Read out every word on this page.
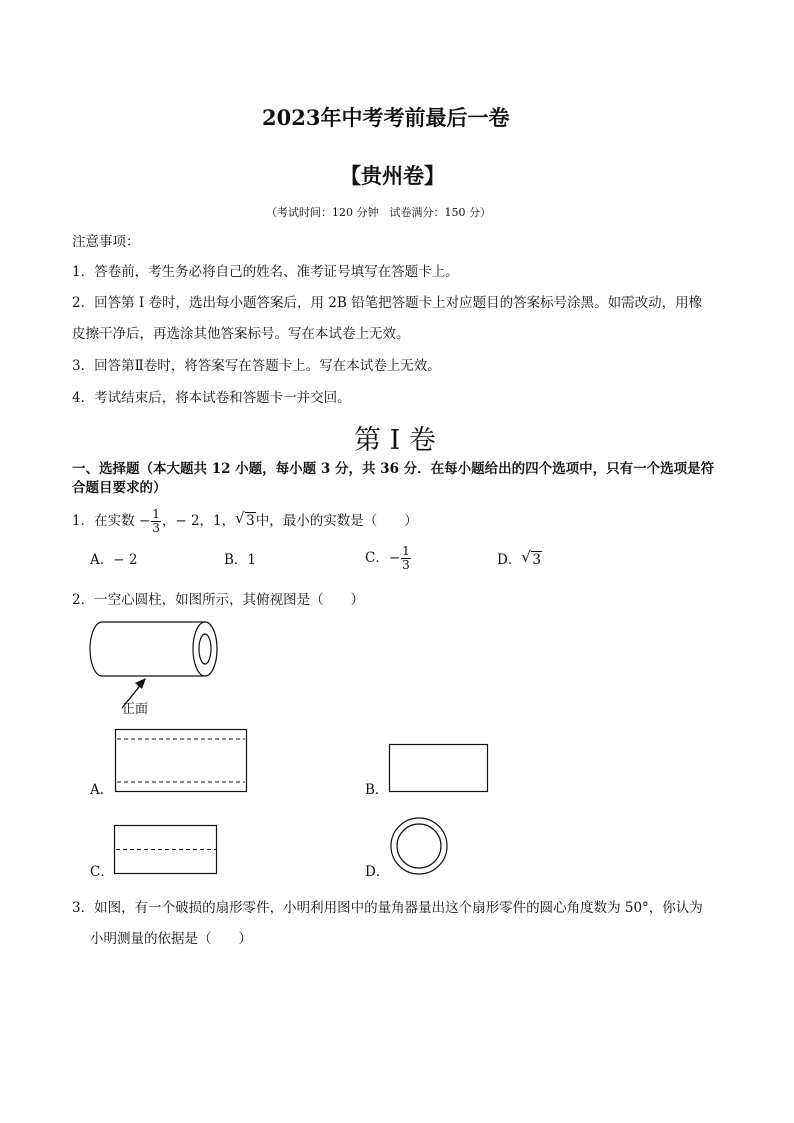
2023年中考考前最后一卷
【贵州卷】
（考试时间：120 分钟　试卷满分：150 分）
注意事项：
1．答卷前，考生务必将自己的姓名、准考证号填写在答题卡上。
2．回答第 I 卷时，选出每小题答案后，用 2B 铅笔把答题卡上对应题目的答案标号涂黑。如需改动，用橡
皮擦干净后，再选涂其他答案标号。写在本试卷上无效。
3．回答第Ⅱ卷时，将答案写在答题卡上。写在本试卷上无效。
4．考试结束后，将本试卷和答题卡一并交回。
第 I 卷
一、选择题（本大题共 12 小题，每小题 3 分，共 36 分．在每小题给出的四个选项中，只有一个选项是符
合题目要求的）
1．在实数 − $\frac{1}{3}$ ，− 2，1， √ 3中，最小的实数是（　　）
A．− 2	B．1	C．− $\frac{1}{3}$	D． √ 3
2．一空心圆柱，如图所示，其俯视图是（　　）
正面
A．	B．
C．	D．
3．如图，有一个破损的扇形零件，小明利用图中的量角器量出这个扇形零件的圆心角度数为 50°，你认为
小明测量的依据是（　　）
